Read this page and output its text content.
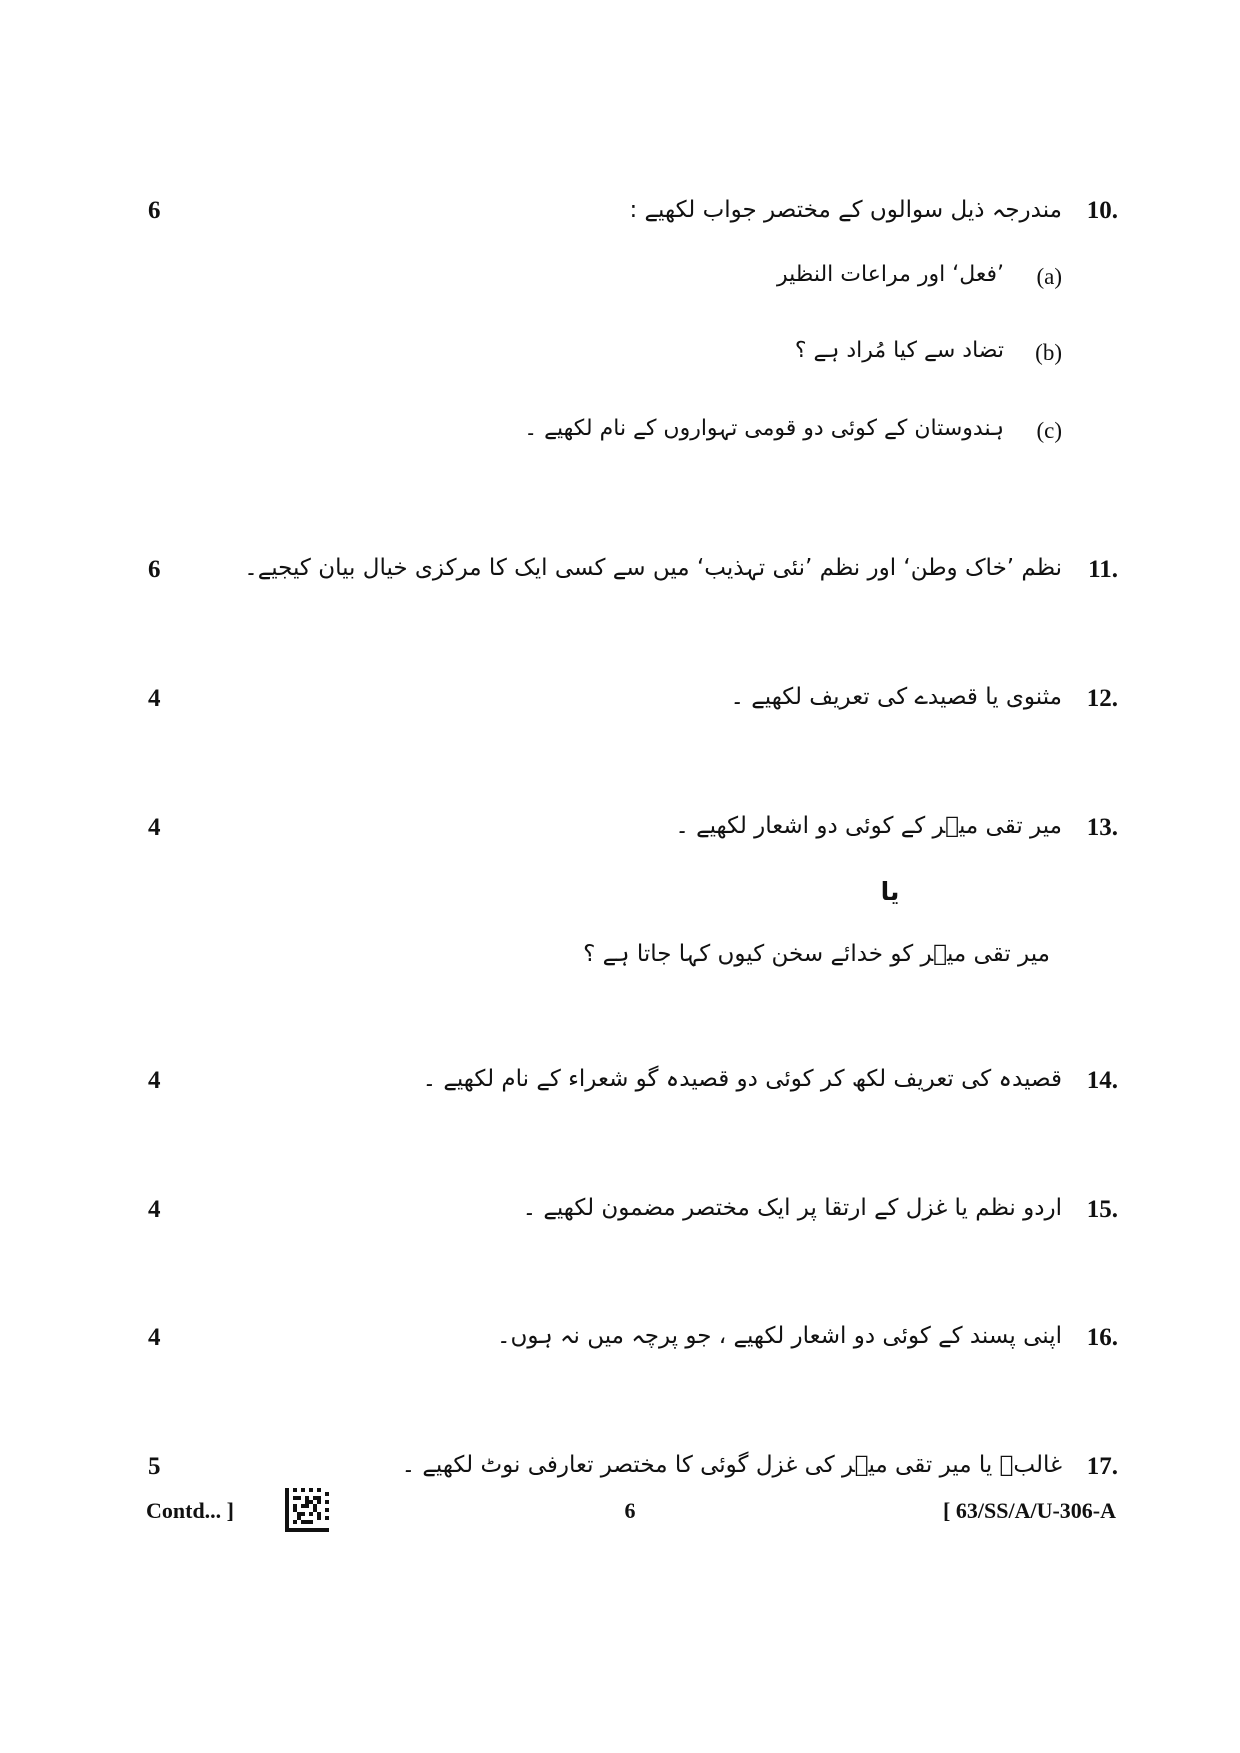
6	10.
مندرجہ ذیل سوالوں کے مختصر جواب لکھیے :
(a)
’فعل‘ اور مراعات النظیر
(b)
تضاد سے کیا مُراد ہے ؟
(c)
ہندوستان کے کوئی دو قومی تہواروں کے نام لکھیے ۔
6	11.
نظم ’خاک وطن‘ اور نظم ’نئی تہذیب‘ میں سے کسی ایک کا مرکزی خیال بیان کیجیے۔
4	12.
مثنوی یا قصیدے کی تعریف لکھیے ۔
4	13.
میر تقی میؔر کے کوئی دو اشعار لکھیے ۔
یا
میر تقی میؔر کو خدائے سخن کیوں کہا جاتا ہے ؟
4	14.
قصیدہ کی تعریف لکھ کر کوئی دو قصیدہ گو شعراء کے نام لکھیے ۔
4	15.
اردو نظم یا غزل کے ارتقا پر ایک مختصر مضمون لکھیے ۔
4	16.
اپنی پسند کے کوئی دو اشعار لکھیے ، جو پرچہ میں نہ ہوں۔
5	17.
غالبؔ یا میر تقی میؔر کی غزل گوئی کا مختصر تعارفی نوٹ لکھیے ۔
Contd... ]	6	[ 63/SS/A/U-306-A
